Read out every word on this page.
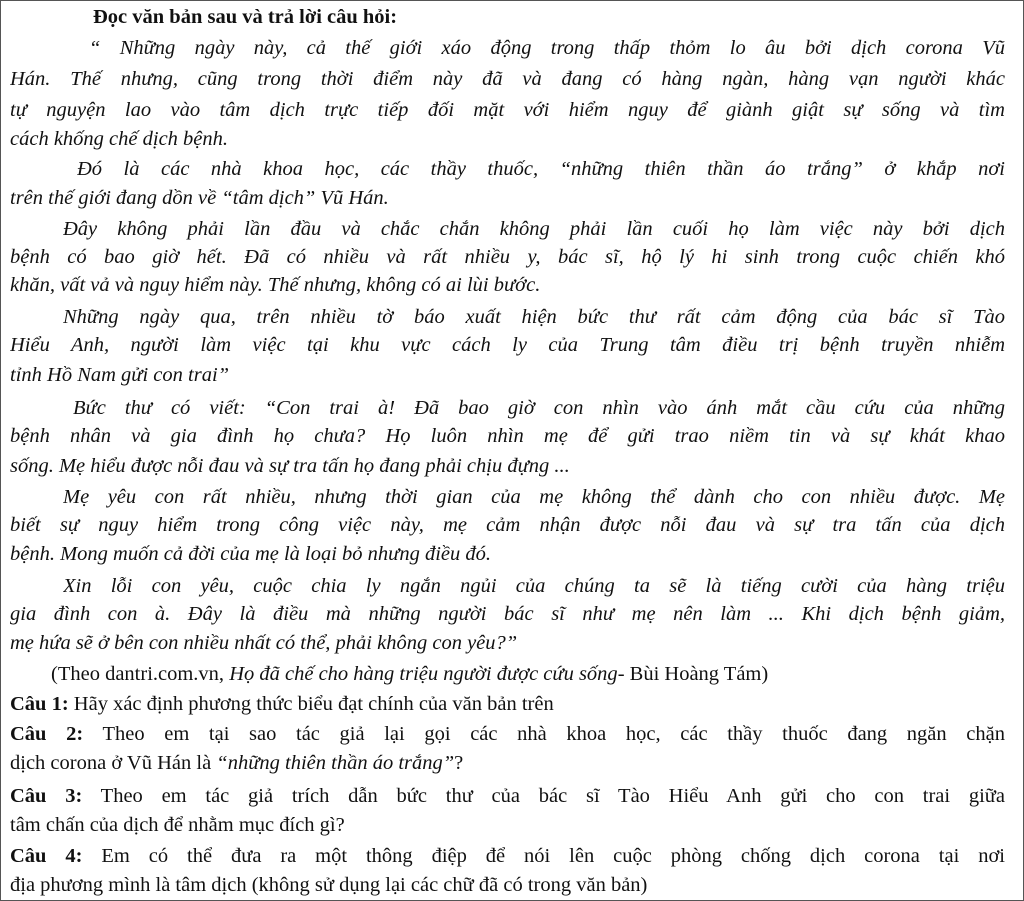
Đọc văn bản sau và trả lời câu hỏi:
“ Những ngày này, cả thế giới xáo động trong thấp thỏm lo âu bởi dịch corona Vũ
Hán. Thế nhưng, cũng trong thời điểm này đã và đang có hàng ngàn, hàng vạn người khác
tự nguyện lao vào tâm dịch trực tiếp đối mặt với hiểm nguy để giành giật sự sống và tìm
cách khống chế dịch bệnh.
Đó là các nhà khoa học, các thầy thuốc, “những thiên thần áo trắng” ở khắp nơi
trên thế giới đang dồn về “tâm dịch” Vũ Hán.
Đây không phải lần đầu và chắc chắn không phải lần cuối họ làm việc này bởi dịch
bệnh có bao giờ hết. Đã có nhiều và rất nhiều y, bác sĩ, hộ lý hi sinh trong cuộc chiến khó
khăn, vất vả và nguy hiểm này. Thế nhưng, không có ai lùi bước.
Những ngày qua, trên nhiều tờ báo xuất hiện bức thư rất cảm động của bác sĩ Tào
Hiểu Anh, người làm việc tại khu vực cách ly của Trung tâm điều trị bệnh truyền nhiễm
tỉnh Hồ Nam gửi con trai”
Bức thư có viết: “Con trai à! Đã bao giờ con nhìn vào ánh mắt cầu cứu của những
bệnh nhân và gia đình họ chưa? Họ luôn nhìn mẹ để gửi trao niềm tin và sự khát khao
sống. Mẹ hiểu được nỗi đau và sự tra tấn họ đang phải chịu đựng ...
Mẹ yêu con rất nhiều, nhưng thời gian của mẹ không thể dành cho con nhiều được. Mẹ
biết sự nguy hiểm trong công việc này, mẹ cảm nhận được nỗi đau và sự tra tấn của dịch
bệnh. Mong muốn cả đời của mẹ là loại bỏ nhưng điều đó.
Xin lỗi con yêu, cuộc chia ly ngắn ngủi của chúng ta sẽ là tiếng cười của hàng triệu
gia đình con à. Đây là điều mà những người bác sĩ như mẹ nên làm ... Khi dịch bệnh giảm,
mẹ hứa sẽ ở bên con nhiều nhất có thể, phải không con yêu?”
(Theo dantri.com.vn, Họ đã chế cho hàng triệu người được cứu sống- Bùi Hoàng Tám)
Câu 1: Hãy xác định phương thức biểu đạt chính của văn bản trên
Câu 2: Theo em tại sao tác giả lại gọi các nhà khoa học, các thầy thuốc đang ngăn chặn
dịch corona ở Vũ Hán là “những thiên thần áo trắng”?
Câu 3: Theo em tác giả trích dẫn bức thư của bác sĩ Tào Hiểu Anh gửi cho con trai giữa
tâm chấn của dịch để nhằm mục đích gì?
Câu 4: Em có thể đưa ra một thông điệp để nói lên cuộc phòng chống dịch corona tại nơi
địa phương mình là tâm dịch (không sử dụng lại các chữ đã có trong văn bản)
